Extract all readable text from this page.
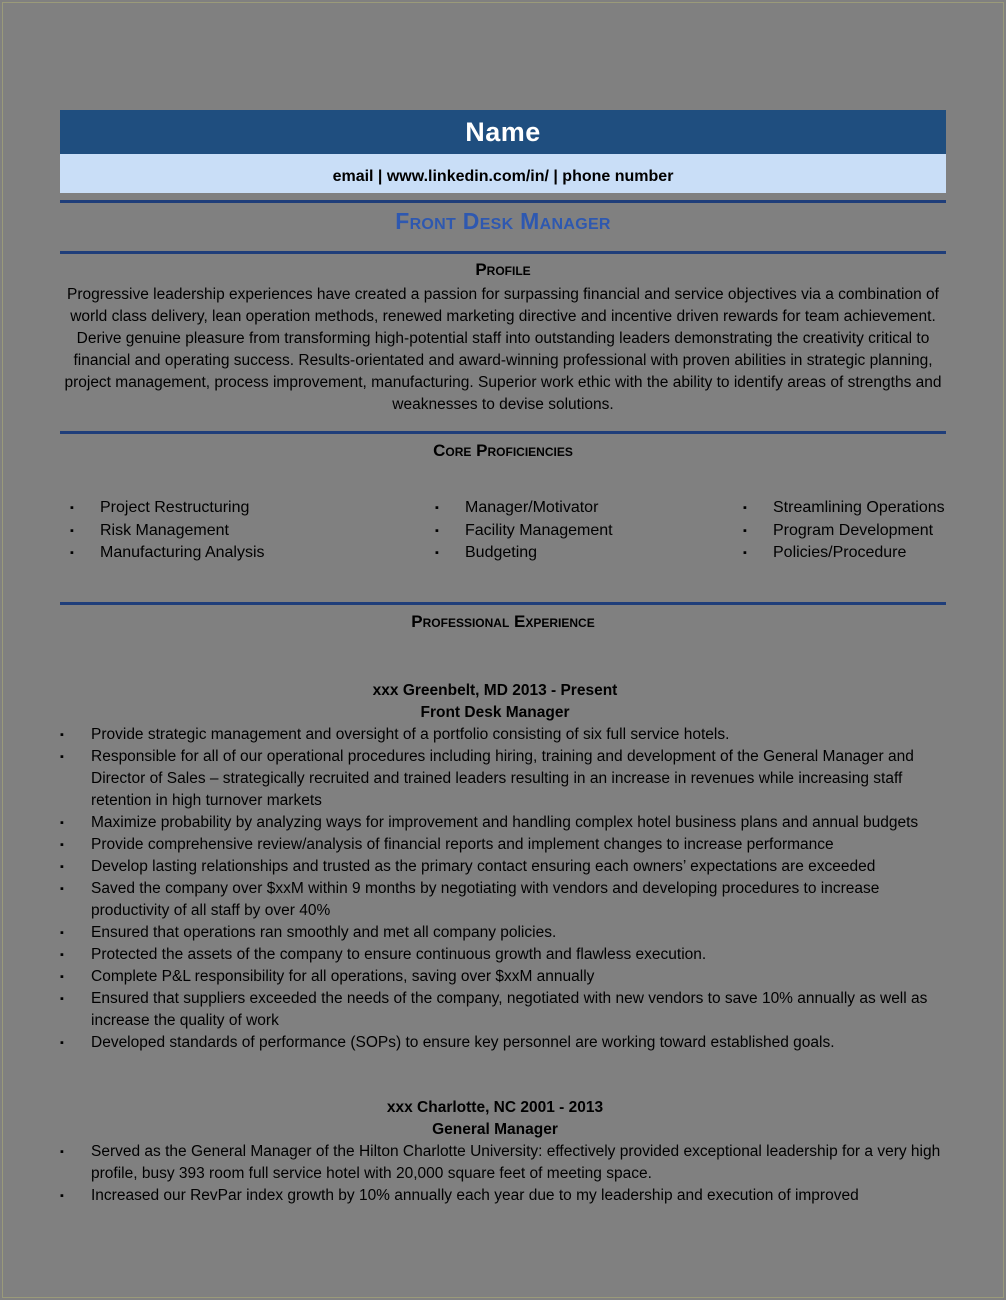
Name
email | www.linkedin.com/in/ | phone number
Front Desk Manager
Profile
Progressive leadership experiences have created a passion for surpassing financial and service objectives via a combination of world class delivery, lean operation methods, renewed marketing directive and incentive driven rewards for team achievement. Derive genuine pleasure from transforming high-potential staff into outstanding leaders demonstrating the creativity critical to financial and operating success. Results-orientated and award-winning professional with proven abilities in strategic planning, project management, process improvement, manufacturing. Superior work ethic with the ability to identify areas of strengths and weaknesses to devise solutions.
Core Proficiencies
▪ Project Restructuring
▪ Risk Management
▪ Manufacturing Analysis
▪ Manager/Motivator
▪ Facility Management
▪ Budgeting
▪ Streamlining Operations
▪ Program Development
▪ Policies/Procedure
Professional Experience
xxx Greenbelt, MD 2013 - Present
Front Desk Manager
▪ Provide strategic management and oversight of a portfolio consisting of six full service hotels.
▪ Responsible for all of our operational procedures including hiring, training and development of the General Manager and Director of Sales – strategically recruited and trained leaders resulting in an increase in revenues while increasing staff retention in high turnover markets
▪ Maximize probability by analyzing ways for improvement and handling complex hotel business plans and annual budgets
▪ Provide comprehensive review/analysis of financial reports and implement changes to increase performance
▪ Develop lasting relationships and trusted as the primary contact ensuring each owners’ expectations are exceeded
▪ Saved the company over $xxM within 9 months by negotiating with vendors and developing procedures to increase productivity of all staff by over 40%
▪ Ensured that operations ran smoothly and met all company policies.
▪ Protected the assets of the company to ensure continuous growth and flawless execution.
▪ Complete P&L responsibility for all operations, saving over $xxM annually
▪ Ensured that suppliers exceeded the needs of the company, negotiated with new vendors to save 10% annually as well as increase the quality of work
▪ Developed standards of performance (SOPs) to ensure key personnel are working toward established goals.
xxx Charlotte, NC 2001 - 2013
General Manager
▪ Served as the General Manager of the Hilton Charlotte University: effectively provided exceptional leadership for a very high profile, busy 393 room full service hotel with 20,000 square feet of meeting space.
▪ Increased our RevPar index growth by 10% annually each year due to my leadership and execution of improved
